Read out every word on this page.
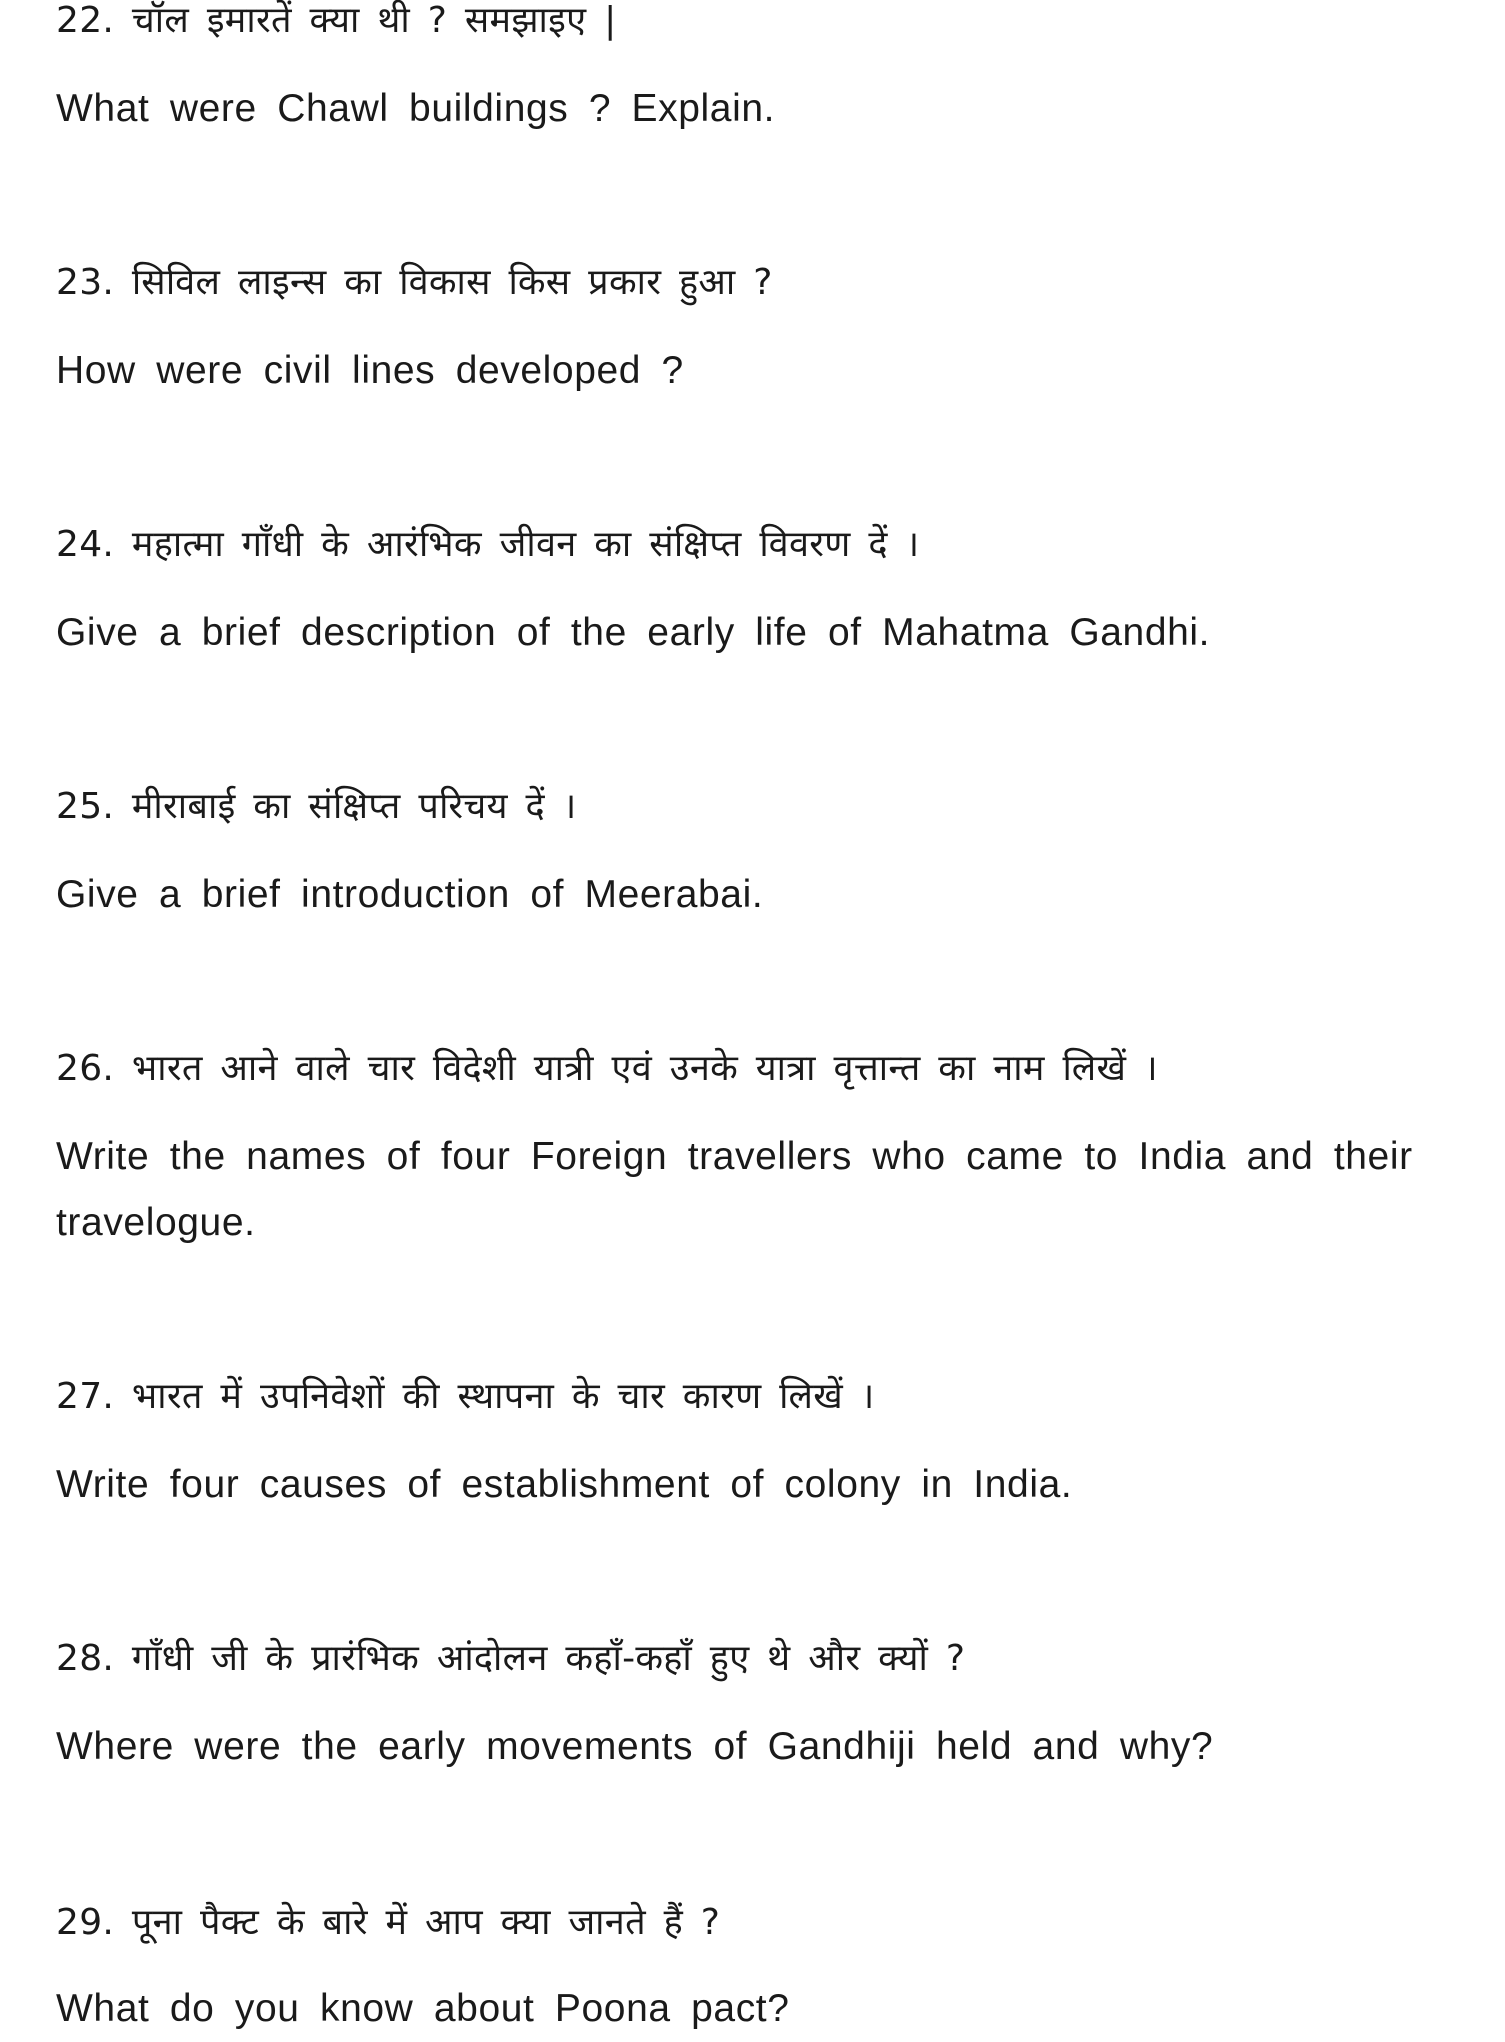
22. चॉल इमारतें क्या थी ? समझाइए |
What were Chawl buildings ? Explain.
23. सिविल लाइन्स का विकास किस प्रकार हुआ ?
How were civil lines developed ?
24. महात्मा गाँधी के आरंभिक जीवन का संक्षिप्त विवरण दें ।
Give a brief description of the early life of Mahatma Gandhi.
25. मीराबाई का संक्षिप्त परिचय दें ।
Give a brief introduction of Meerabai.
26. भारत आने वाले चार विदेशी यात्री एवं उनके यात्रा वृत्तान्त का नाम लिखें ।
Write the names of four Foreign travellers who came to India and their travelogue.
27. भारत में उपनिवेशों की स्थापना के चार कारण लिखें ।
Write four causes of establishment of colony in India.
28. गाँधी जी के प्रारंभिक आंदोलन कहाँ-कहाँ हुए थे और क्यों ?
Where were the early movements of Gandhiji held and why?
29. पूना पैक्ट के बारे में आप क्या जानते हैं ?
What do you know about Poona pact?
